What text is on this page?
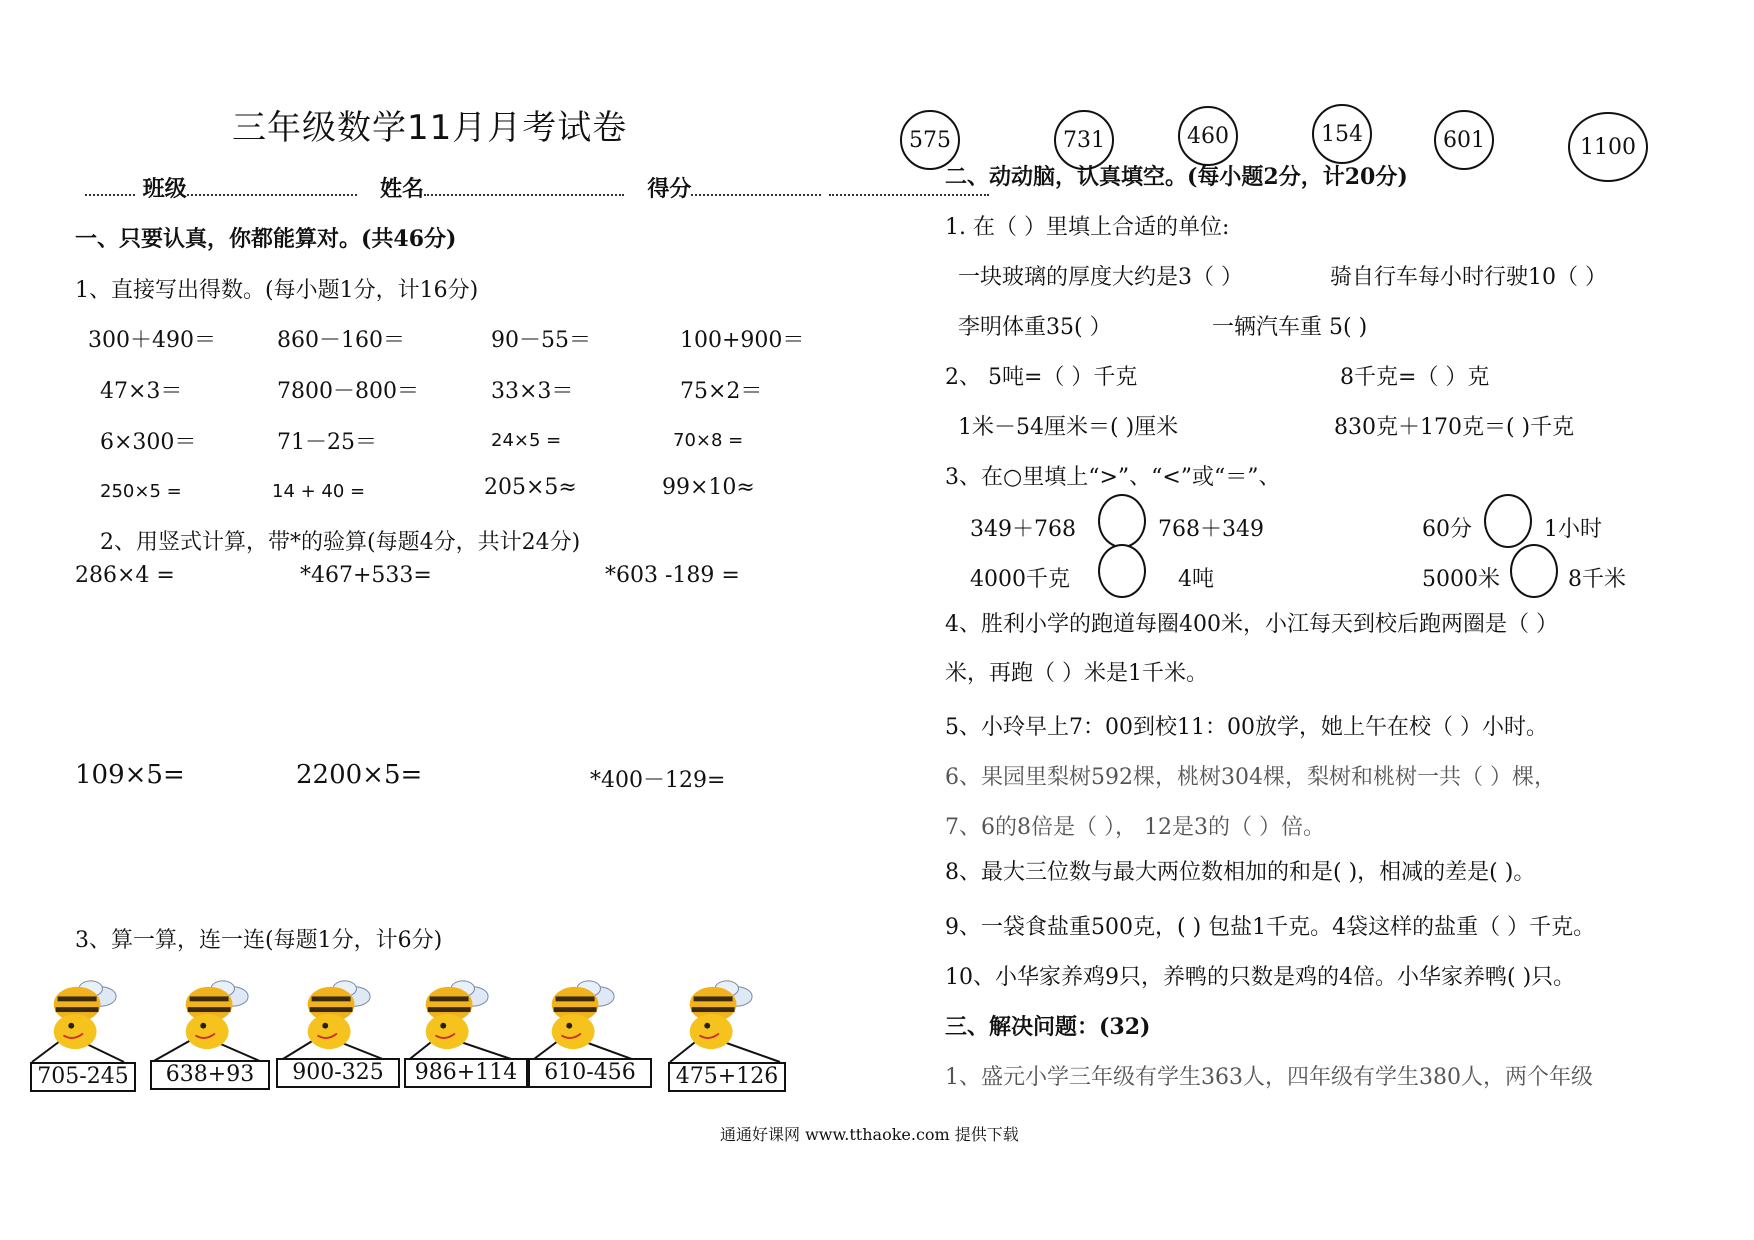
三年级数学11月月考试卷
班级	姓名	得分
一、只要认真，你都能算对。(共46分)
1、直接写出得数。(每小题1分，计16分)
300＋490＝	860－160＝	90－55＝	100+900＝
47×3＝	7800－800＝	33×3＝	75×2＝
6×300＝	71－25＝	24×5 =	70×8 =
250×5 =	14 + 40 =	205×5≈	99×10≈
2、用竖式计算，带*的验算(每题4分，共计24分)
286×4 =	*467+533=	*603 -189 =
109×5=	2200×5=	*400－129=
3、算一算，连一连(每题1分，计6分)
705-245	638+93	900-325	986+114	610-456	475+126
575	731	460	154	601	1100
二、动动脑，认真填空。(每小题2分，计20分)
1. 在（ ）里填上合适的单位:
一块玻璃的厚度大约是3（ ）	骑自行车每小时行驶10（ ）
李明体重35( ）	一辆汽车重 5( )
2、 5吨=（ ）千克	8千克=（ ）克
1米－54厘米＝( )厘米	830克＋170克＝( )千克
3、在○里填上“>”、“<”或“＝”、
349＋768	768＋349	60分	1小时
4000千克	4吨	5000米	8千米
4、胜利小学的跑道每圈400米，小江每天到校后跑两圈是（ ）
米，再跑（ ）米是1千米。
5、小玲早上7：00到校11：00放学，她上午在校（ ）小时。
6、果园里梨树592棵，桃树304棵，梨树和桃树一共（ ）棵，
7、6的8倍是（ ）， 12是3的（ ）倍。
8、最大三位数与最大两位数相加的和是( )，相减的差是( )。
9、一袋食盐重500克，( ) 包盐1千克。4袋这样的盐重（ ）千克。
10、小华家养鸡9只，养鸭的只数是鸡的4倍。小华家养鸭( )只。
三、解决问题：(32)
1、盛元小学三年级有学生363人，四年级有学生380人，两个年级
通通好课网 www.tthaoke.com 提供下载
